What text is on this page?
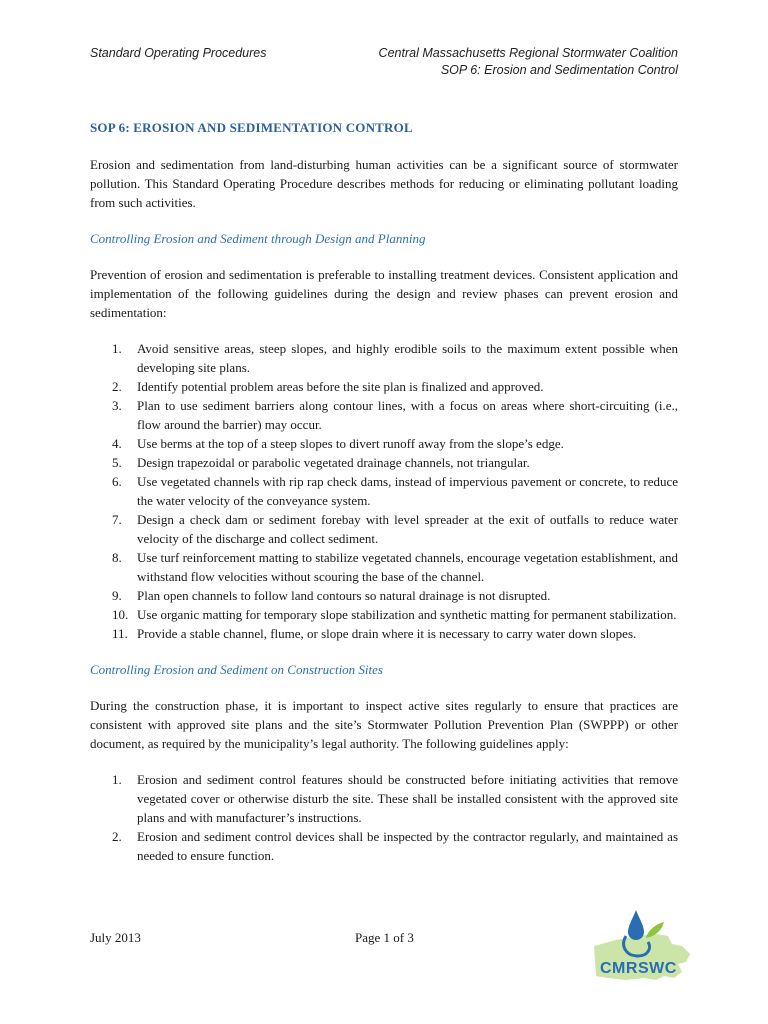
Standard Operating Procedures	Central Massachusetts Regional Stormwater Coalition
SOP 6: Erosion and Sedimentation Control
SOP 6: EROSION AND SEDIMENTATION CONTROL

Erosion and sedimentation from land-disturbing human activities can be a significant source of stormwater pollution. This Standard Operating Procedure describes methods for reducing or eliminating pollutant loading from such activities.

Controlling Erosion and Sediment through Design and Planning

Prevention of erosion and sedimentation is preferable to installing treatment devices. Consistent application and implementation of the following guidelines during the design and review phases can prevent erosion and sedimentation:

1.	Avoid sensitive areas, steep slopes, and highly erodible soils to the maximum extent possible when developing site plans.
2.	Identify potential problem areas before the site plan is finalized and approved.
3.	Plan to use sediment barriers along contour lines, with a focus on areas where short-circuiting (i.e., flow around the barrier) may occur.
4.	Use berms at the top of a steep slopes to divert runoff away from the slope’s edge.
5.	Design trapezoidal or parabolic vegetated drainage channels, not triangular.
6.	Use vegetated channels with rip rap check dams, instead of impervious pavement or concrete, to reduce the water velocity of the conveyance system.
7.	Design a check dam or sediment forebay with level spreader at the exit of outfalls to reduce water velocity of the discharge and collect sediment.
8.	Use turf reinforcement matting to stabilize vegetated channels, encourage vegetation establishment, and withstand flow velocities without scouring the base of the channel.
9.	Plan open channels to follow land contours so natural drainage is not disrupted.
10. Use organic matting for temporary slope stabilization and synthetic matting for permanent stabilization.
11. Provide a stable channel, flume, or slope drain where it is necessary to carry water down slopes.
Controlling Erosion and Sediment on Construction Sites

During the construction phase, it is important to inspect active sites regularly to ensure that practices are consistent with approved site plans and the site’s Stormwater Pollution Prevention Plan (SWPPP) or other document, as required by the municipality’s legal authority. The following guidelines apply:

1.	Erosion and sediment control features should be constructed before initiating activities that remove vegetated cover or otherwise disturb the site. These shall be installed consistent with the approved site plans and with manufacturer’s instructions.
2.	Erosion and sediment control devices shall be inspected by the contractor regularly, and maintained as needed to ensure function.
July 2013	Page 1 of 3
CMRSWC
